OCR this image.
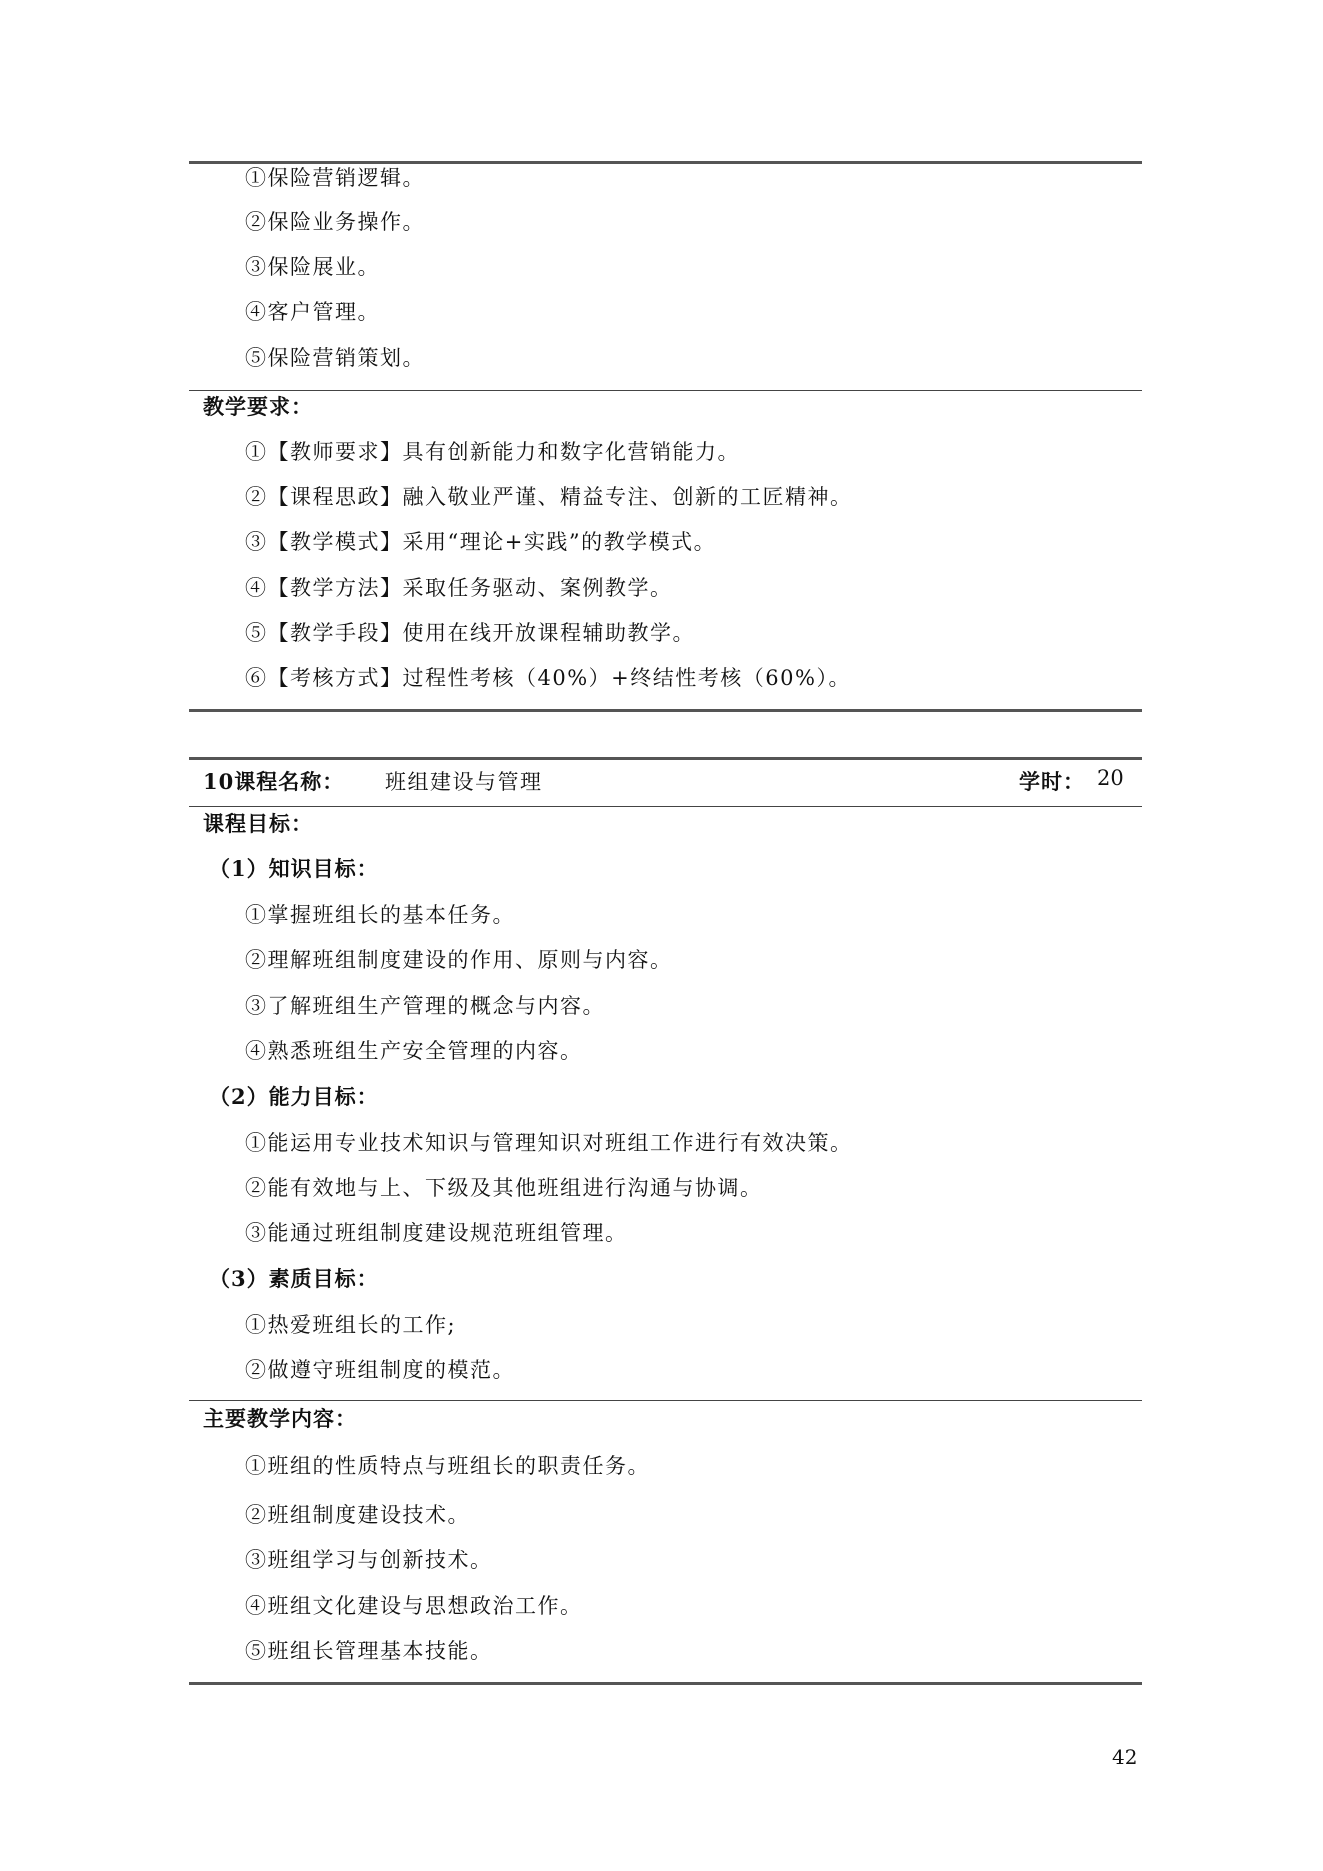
①保险营销逻辑。
②保险业务操作。
③保险展业。
④客户管理。
⑤保险营销策划。
教学要求：
①【教师要求】具有创新能力和数字化营销能力。
②【课程思政】融入敬业严谨、精益专注、创新的工匠精神。
③【教学模式】采用“理论+实践”的教学模式。
④【教学方法】采取任务驱动、案例教学。
⑤【教学手段】使用在线开放课程辅助教学。
⑥【考核方式】过程性考核（40%）+终结性考核（60%）。
10课程名称： 班组建设与管理	学时： 20
课程目标：
（1）知识目标：
①掌握班组长的基本任务。
②理解班组制度建设的作用、原则与内容。
③了解班组生产管理的概念与内容。
④熟悉班组生产安全管理的内容。
（2）能力目标：
①能运用专业技术知识与管理知识对班组工作进行有效决策。
②能有效地与上、下级及其他班组进行沟通与协调。
③能通过班组制度建设规范班组管理。
（3）素质目标：
①热爱班组长的工作;
②做遵守班组制度的模范。
主要教学内容：
①班组的性质特点与班组长的职责任务。
②班组制度建设技术。
③班组学习与创新技术。
④班组文化建设与思想政治工作。
⑤班组长管理基本技能。
42
